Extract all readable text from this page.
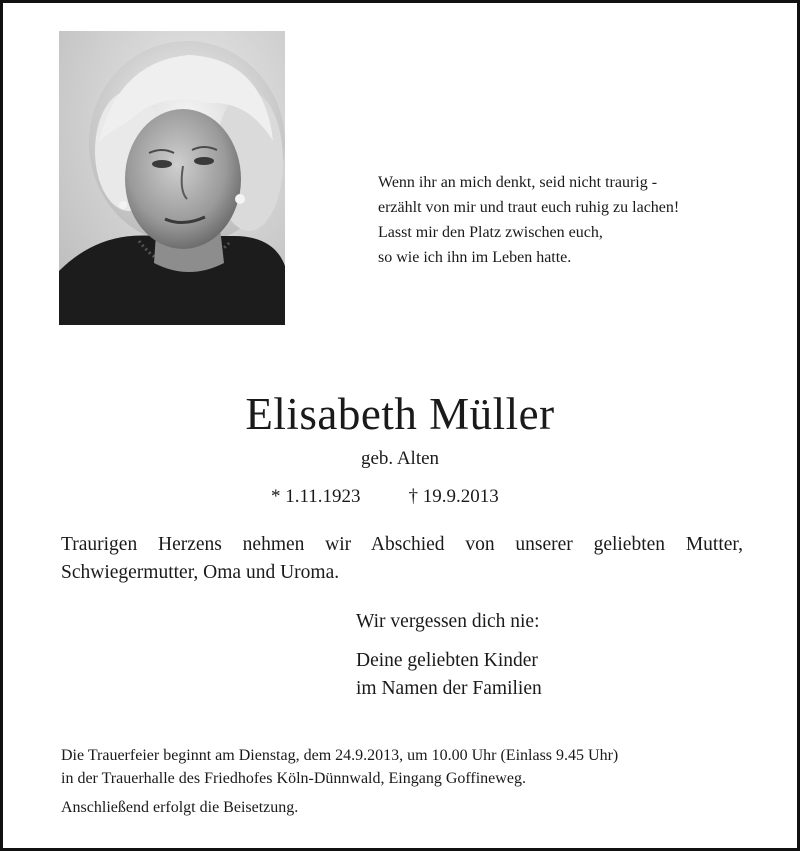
Wenn ihr an mich denkt, seid nicht traurig -
erzählt von mir und traut euch ruhig zu lachen!
Lasst mir den Platz zwischen euch,
so wie ich ihn im Leben hatte.
Elisabeth Müller
geb. Alten
* 1.11.1923	† 19.9.2013
Traurigen Herzens nehmen wir Abschied von unserer geliebten Mutter, Schwiegermutter, Oma und Uroma.
Wir vergessen dich nie:
Deine geliebten Kinder
im Namen der Familien
Die Trauerfeier beginnt am Dienstag, dem 24.9.2013, um 10.00 Uhr (Einlass 9.45 Uhr)
in der Trauerhalle des Friedhofes Köln-Dünnwald, Eingang Goffineweg.
Anschließend erfolgt die Beisetzung.
